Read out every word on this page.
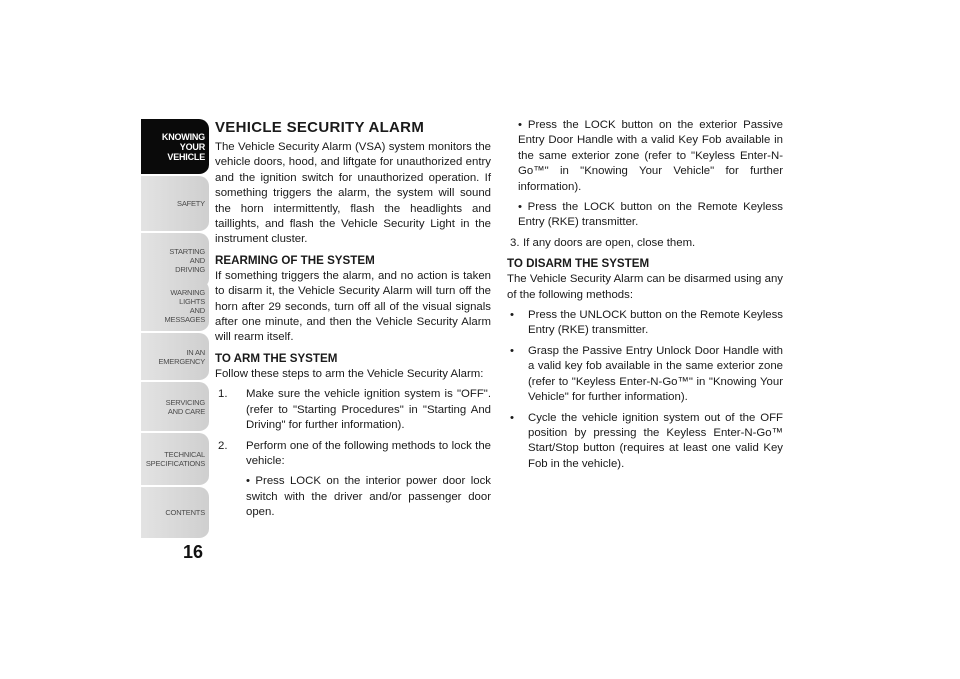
KNOWING
YOUR
VEHICLE
SAFETY
STARTING
AND
DRIVING
WARNING
LIGHTS
AND
MESSAGES
IN AN
EMERGENCY
SERVICING
AND CARE
TECHNICAL
SPECIFICATIONS
CONTENTS
16
VEHICLE SECURITY ALARM

The Vehicle Security Alarm (VSA) system monitors the vehicle doors, hood, and liftgate for unauthorized entry and the ignition switch for unauthorized operation. If something triggers the alarm, the system will sound the horn intermittently, flash the headlights and taillights, and flash the Vehicle Security Light in the instrument cluster.

REARMING OF THE SYSTEM

If something triggers the alarm, and no action is taken to disarm it, the Vehicle Security Alarm will turn off the horn after 29 seconds, turn off all of the visual signals after one minute, and then the Vehicle Security Alarm will rearm itself.

TO ARM THE SYSTEM

Follow these steps to arm the Vehicle Security Alarm:

1. Make sure the vehicle ignition system is "OFF". (refer to "Starting Procedures" in "Starting And Driving" for further information).
2. Perform one of the following methods to lock the vehicle:
• Press LOCK on the interior power door lock switch with the driver and/or passenger door open.
• Press the LOCK button on the exterior Passive Entry Door Handle with a valid Key Fob available in the same exterior zone (refer to "Keyless Enter-N-Go™" in "Knowing Your Vehicle" for further information).
• Press the LOCK button on the Remote Keyless Entry (RKE) transmitter.
3. If any doors are open, close them.
TO DISARM THE SYSTEM

The Vehicle Security Alarm can be disarmed using any of the following methods:

• Press the UNLOCK button on the Remote Keyless Entry (RKE) transmitter.
• Grasp the Passive Entry Unlock Door Handle with a valid key fob available in the same exterior zone (refer to "Keyless Enter-N-Go™" in "Knowing Your Vehicle" for further information).
• Cycle the vehicle ignition system out of the OFF position by pressing the Keyless Enter-N-Go™ Start/Stop button (requires at least one valid Key Fob in the vehicle).
